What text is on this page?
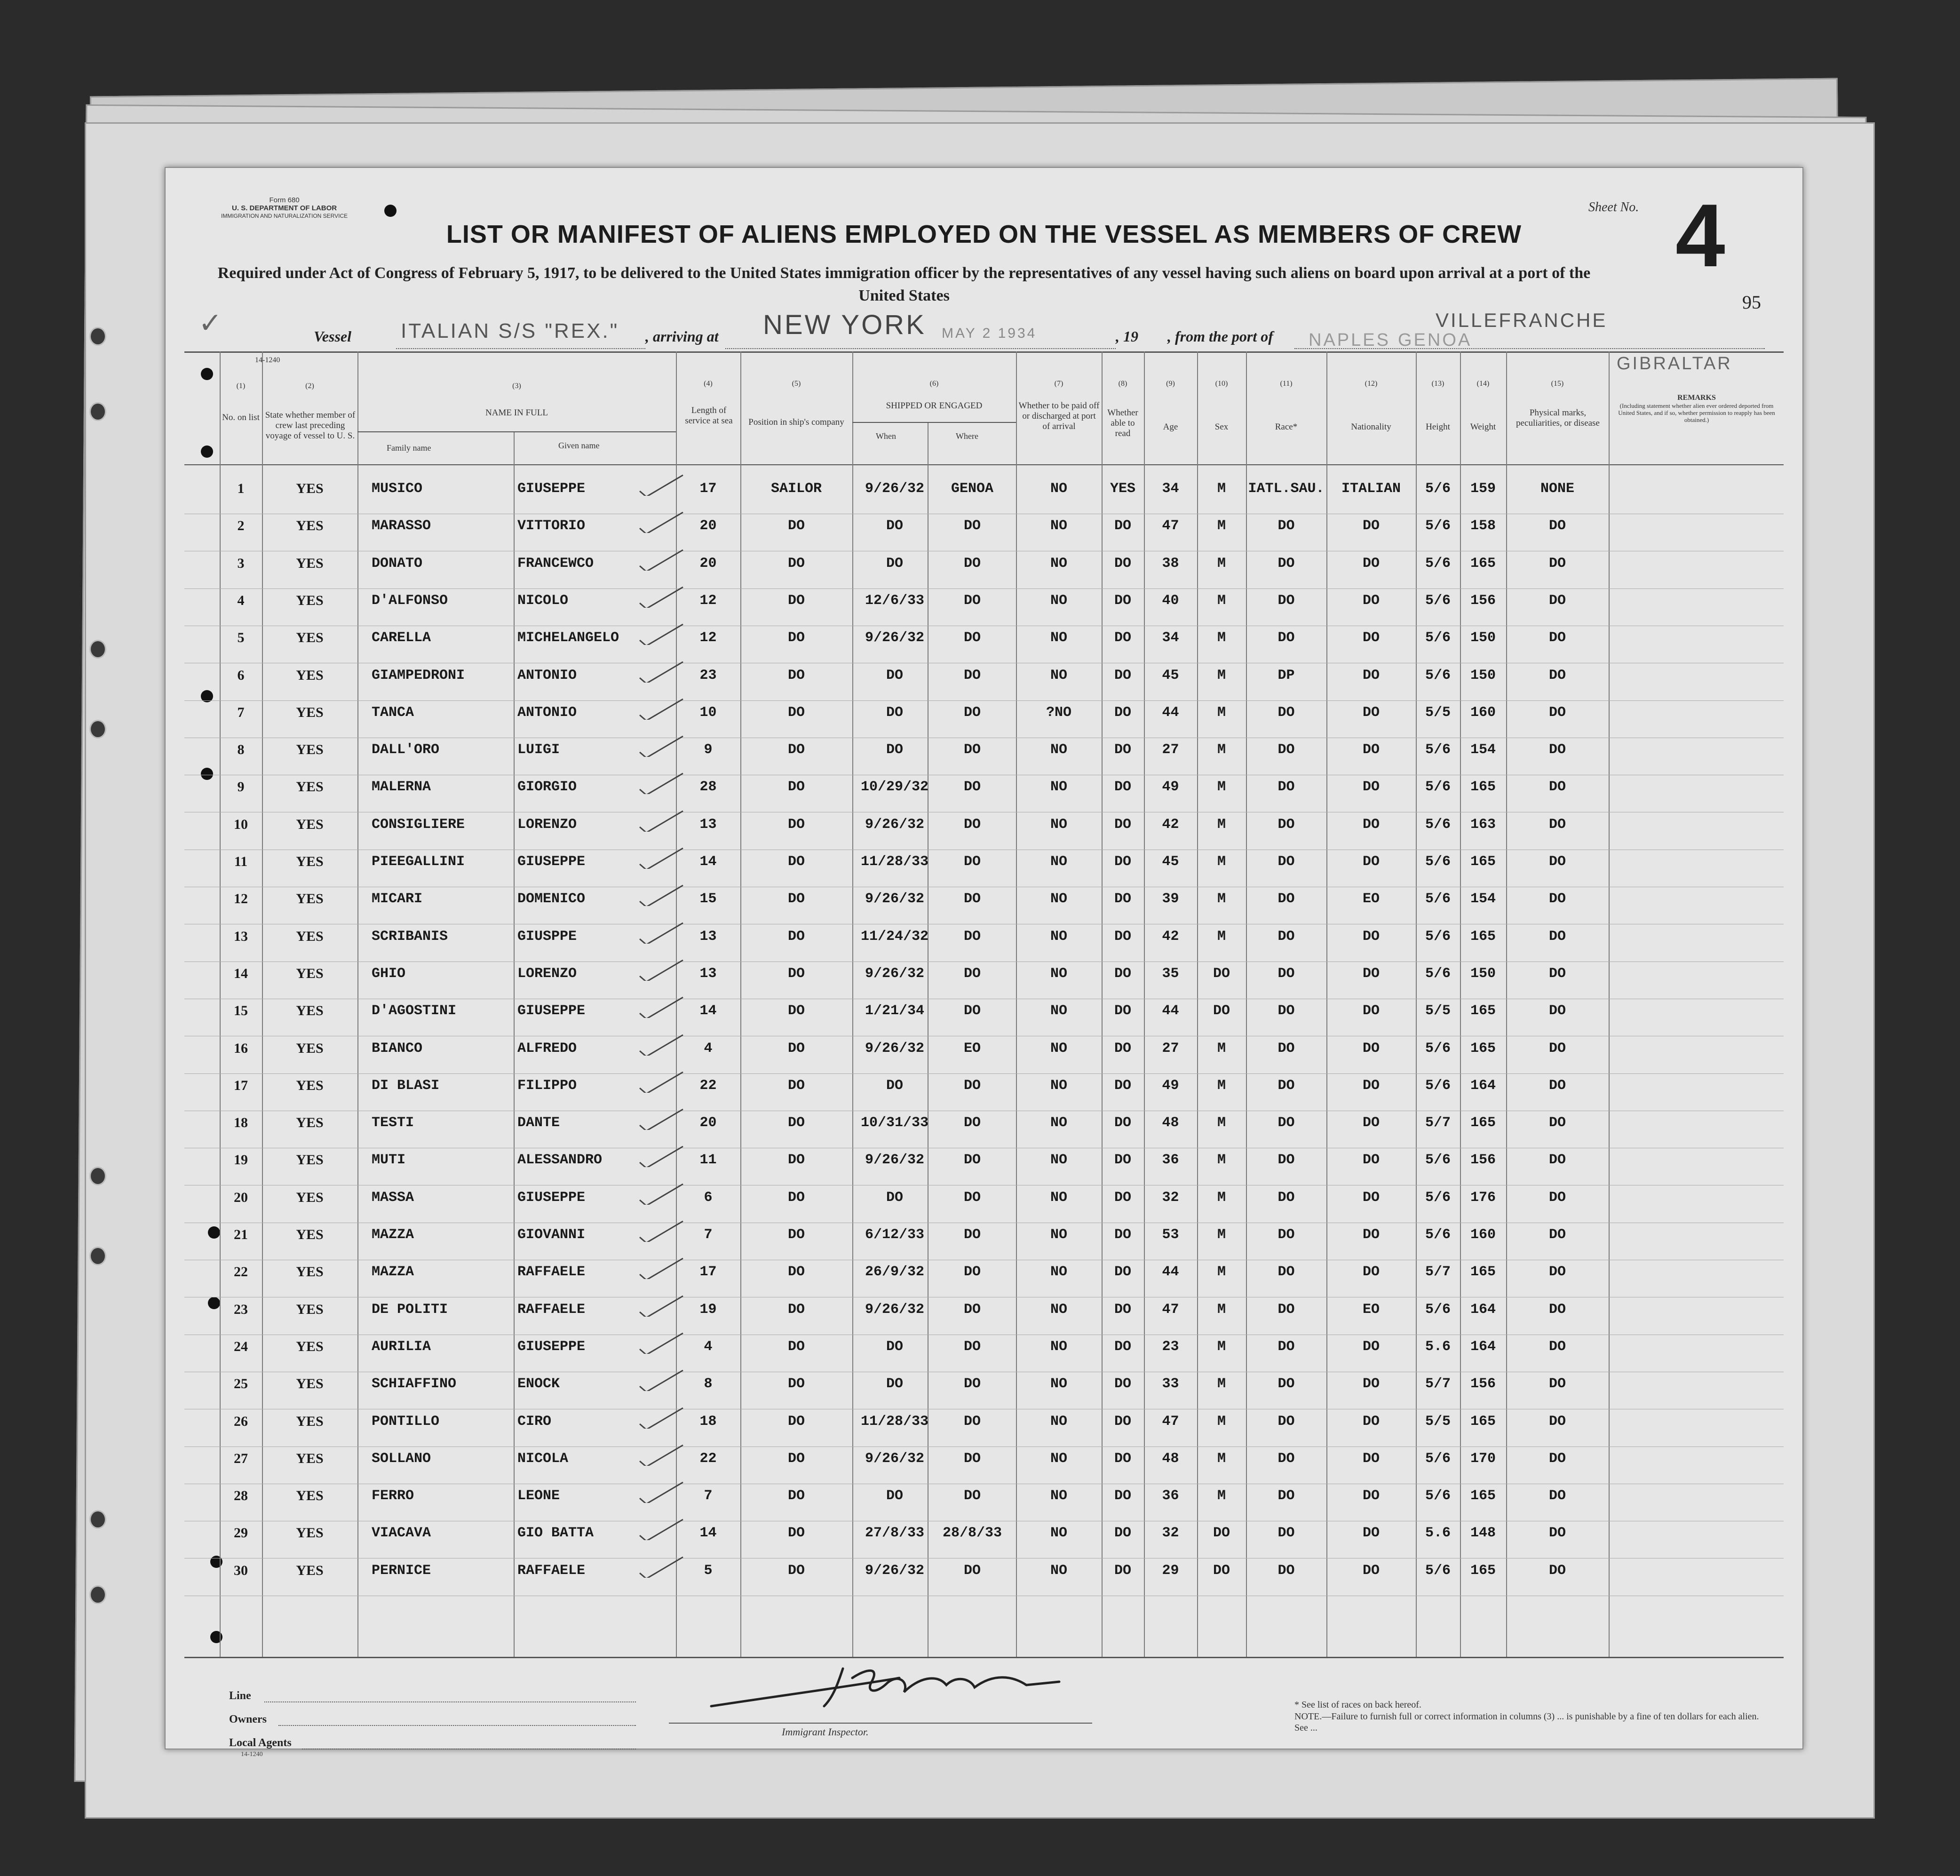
Form 680
U. S. DEPARTMENT OF LABOR
IMMIGRATION AND NATURALIZATION SERVICE
LIST OR MANIFEST OF ALIENS EMPLOYED ON THE VESSEL AS MEMBERS OF CREW
Required under Act of Congress of February 5, 1917, to be delivered to the United States immigration officer by the representatives of any vessel having such aliens on board upon arrival at a port of the United States
Sheet No. 4
95
✓	Vessel ITALIAN S/S "REX." , arriving at NEW YORK MAY 2 1934	, 19 , from the port of NAPLES GENOA
VILLEFRANCHE
(1)	(2)	(3)	(4)	(5)	(6)	(7)	(8)	(9)	(10)	(11)	(12)	(13)	(14)	(15)
14-1240
No. on list State whether member of crew last preceding voyage of vessel to U. S.
NAME IN FULL
Family name	Given name
Length of service at sea	Position in ship's company
SHIPPED OR ENGAGED
When	Where
Whether to be paid off or discharged at port of arrival
Whether able to read
Age	Sex	Race*	Nationality	Height	Weight
Physical marks, peculiarities, or disease
GIBRALTAR
REMARKS
(Including statement whether alien ever ordered deported from United States, and if so, whether permission to reapply has been obtained.)
1	YES	MUSICO	GIUSEPPE	17	SAILOR	9/26/32	GENOA	NO	YES	34	M	IATL.SAU.	ITALIAN	5/6	159	NONE
2	YES	MARASSO	VITTORIO	20	DO	DO	DO	NO	DO	47	M	DO	DO	5/6	158	DO
3	YES	DONATO	FRANCEWCO	20	DO	DO	DO	NO	DO	38	M	DO	DO	5/6	165	DO
4	YES	D'ALFONSO	NICOLO	12	DO	12/6/33	DO	NO	DO	40	M	DO	DO	5/6	156	DO
5	YES	CARELLA	MICHELANGELO	12	DO	9/26/32	DO	NO	DO	34	M	DO	DO	5/6	150	DO
6	YES	GIAMPEDRONI	ANTONIO	23	DO	DO	DO	NO	DO	45	M	DP	DO	5/6	150	DO
7	YES	TANCA	ANTONIO	10	DO	DO	DO	?NO	DO	44	M	DO	DO	5/5	160	DO
8	YES	DALL'ORO	LUIGI	9	DO	DO	DO	NO	DO	27	M	DO	DO	5/6	154	DO
9	YES	MALERNA	GIORGIO	28	DO	10/29/32	DO	NO	DO	49	M	DO	DO	5/6	165	DO
10	YES	CONSIGLIERE	LORENZO	13	DO	9/26/32	DO	NO	DO	42	M	DO	DO	5/6	163	DO
11	YES	PIEEGALLINI	GIUSEPPE	14	DO	11/28/33	DO	NO	DO	45	M	DO	DO	5/6	165	DO
12	YES	MICARI	DOMENICO	15	DO	9/26/32	DO	NO	DO	39	M	DO	EO	5/6	154	DO
13	YES	SCRIBANIS	GIUSPPE	13	DO	11/24/32	DO	NO	DO	42	M	DO	DO	5/6	165	DO
14	YES	GHIO	LORENZO	13	DO	9/26/32	DO	NO	DO	35	DO	DO	DO	5/6	150	DO
15	YES	D'AGOSTINI	GIUSEPPE	14	DO	1/21/34	DO	NO	DO	44	DO	DO	DO	5/5	165	DO
16	YES	BIANCO	ALFREDO	4	DO	9/26/32	EO	NO	DO	27	M	DO	DO	5/6	165	DO
17	YES	DI BLASI	FILIPPO	22	DO	DO	DO	NO	DO	49	M	DO	DO	5/6	164	DO
18	YES	TESTI	DANTE	20	DO	10/31/33	DO	NO	DO	48	M	DO	DO	5/7	165	DO
19	YES	MUTI	ALESSANDRO	11	DO	9/26/32	DO	NO	DO	36	M	DO	DO	5/6	156	DO
20	YES	MASSA	GIUSEPPE	6	DO	DO	DO	NO	DO	32	M	DO	DO	5/6	176	DO
21	YES	MAZZA	GIOVANNI	7	DO	6/12/33	DO	NO	DO	53	M	DO	DO	5/6	160	DO
22	YES	MAZZA	RAFFAELE	17	DO	26/9/32	DO	NO	DO	44	M	DO	DO	5/7	165	DO
23	YES	DE POLITI	RAFFAELE	19	DO	9/26/32	DO	NO	DO	47	M	DO	EO	5/6	164	DO
24	YES	AURILIA	GIUSEPPE	4	DO	DO	DO	NO	DO	23	M	DO	DO	5.6	164	DO
25	YES	SCHIAFFINO	ENOCK	8	DO	DO	DO	NO	DO	33	M	DO	DO	5/7	156	DO
26	YES	PONTILLO	CIRO	18	DO	11/28/33	DO	NO	DO	47	M	DO	DO	5/5	165	DO
27	YES	SOLLANO	NICOLA	22	DO	9/26/32	DO	NO	DO	48	M	DO	DO	5/6	170	DO
28	YES	FERRO	LEONE	7	DO	DO	DO	NO	DO	36	M	DO	DO	5/6	165	DO
29	YES	VIACAVA	GIO BATTA	14	DO	27/8/33	28/8/33	NO	DO	32	DO	DO	DO	5.6	148	DO
30	YES	PERNICE	RAFFAELE	5	DO	9/26/32	DO	NO	DO	29	DO	DO	DO	5/6	165	DO
Line
Owners
Local Agents
14-1240
Immigrant Inspector.
* See list of races on back hereof.
NOTE.—Failure to furnish full or correct information in columns (3) ... is punishable by a fine of ten dollars for each alien. See ...
